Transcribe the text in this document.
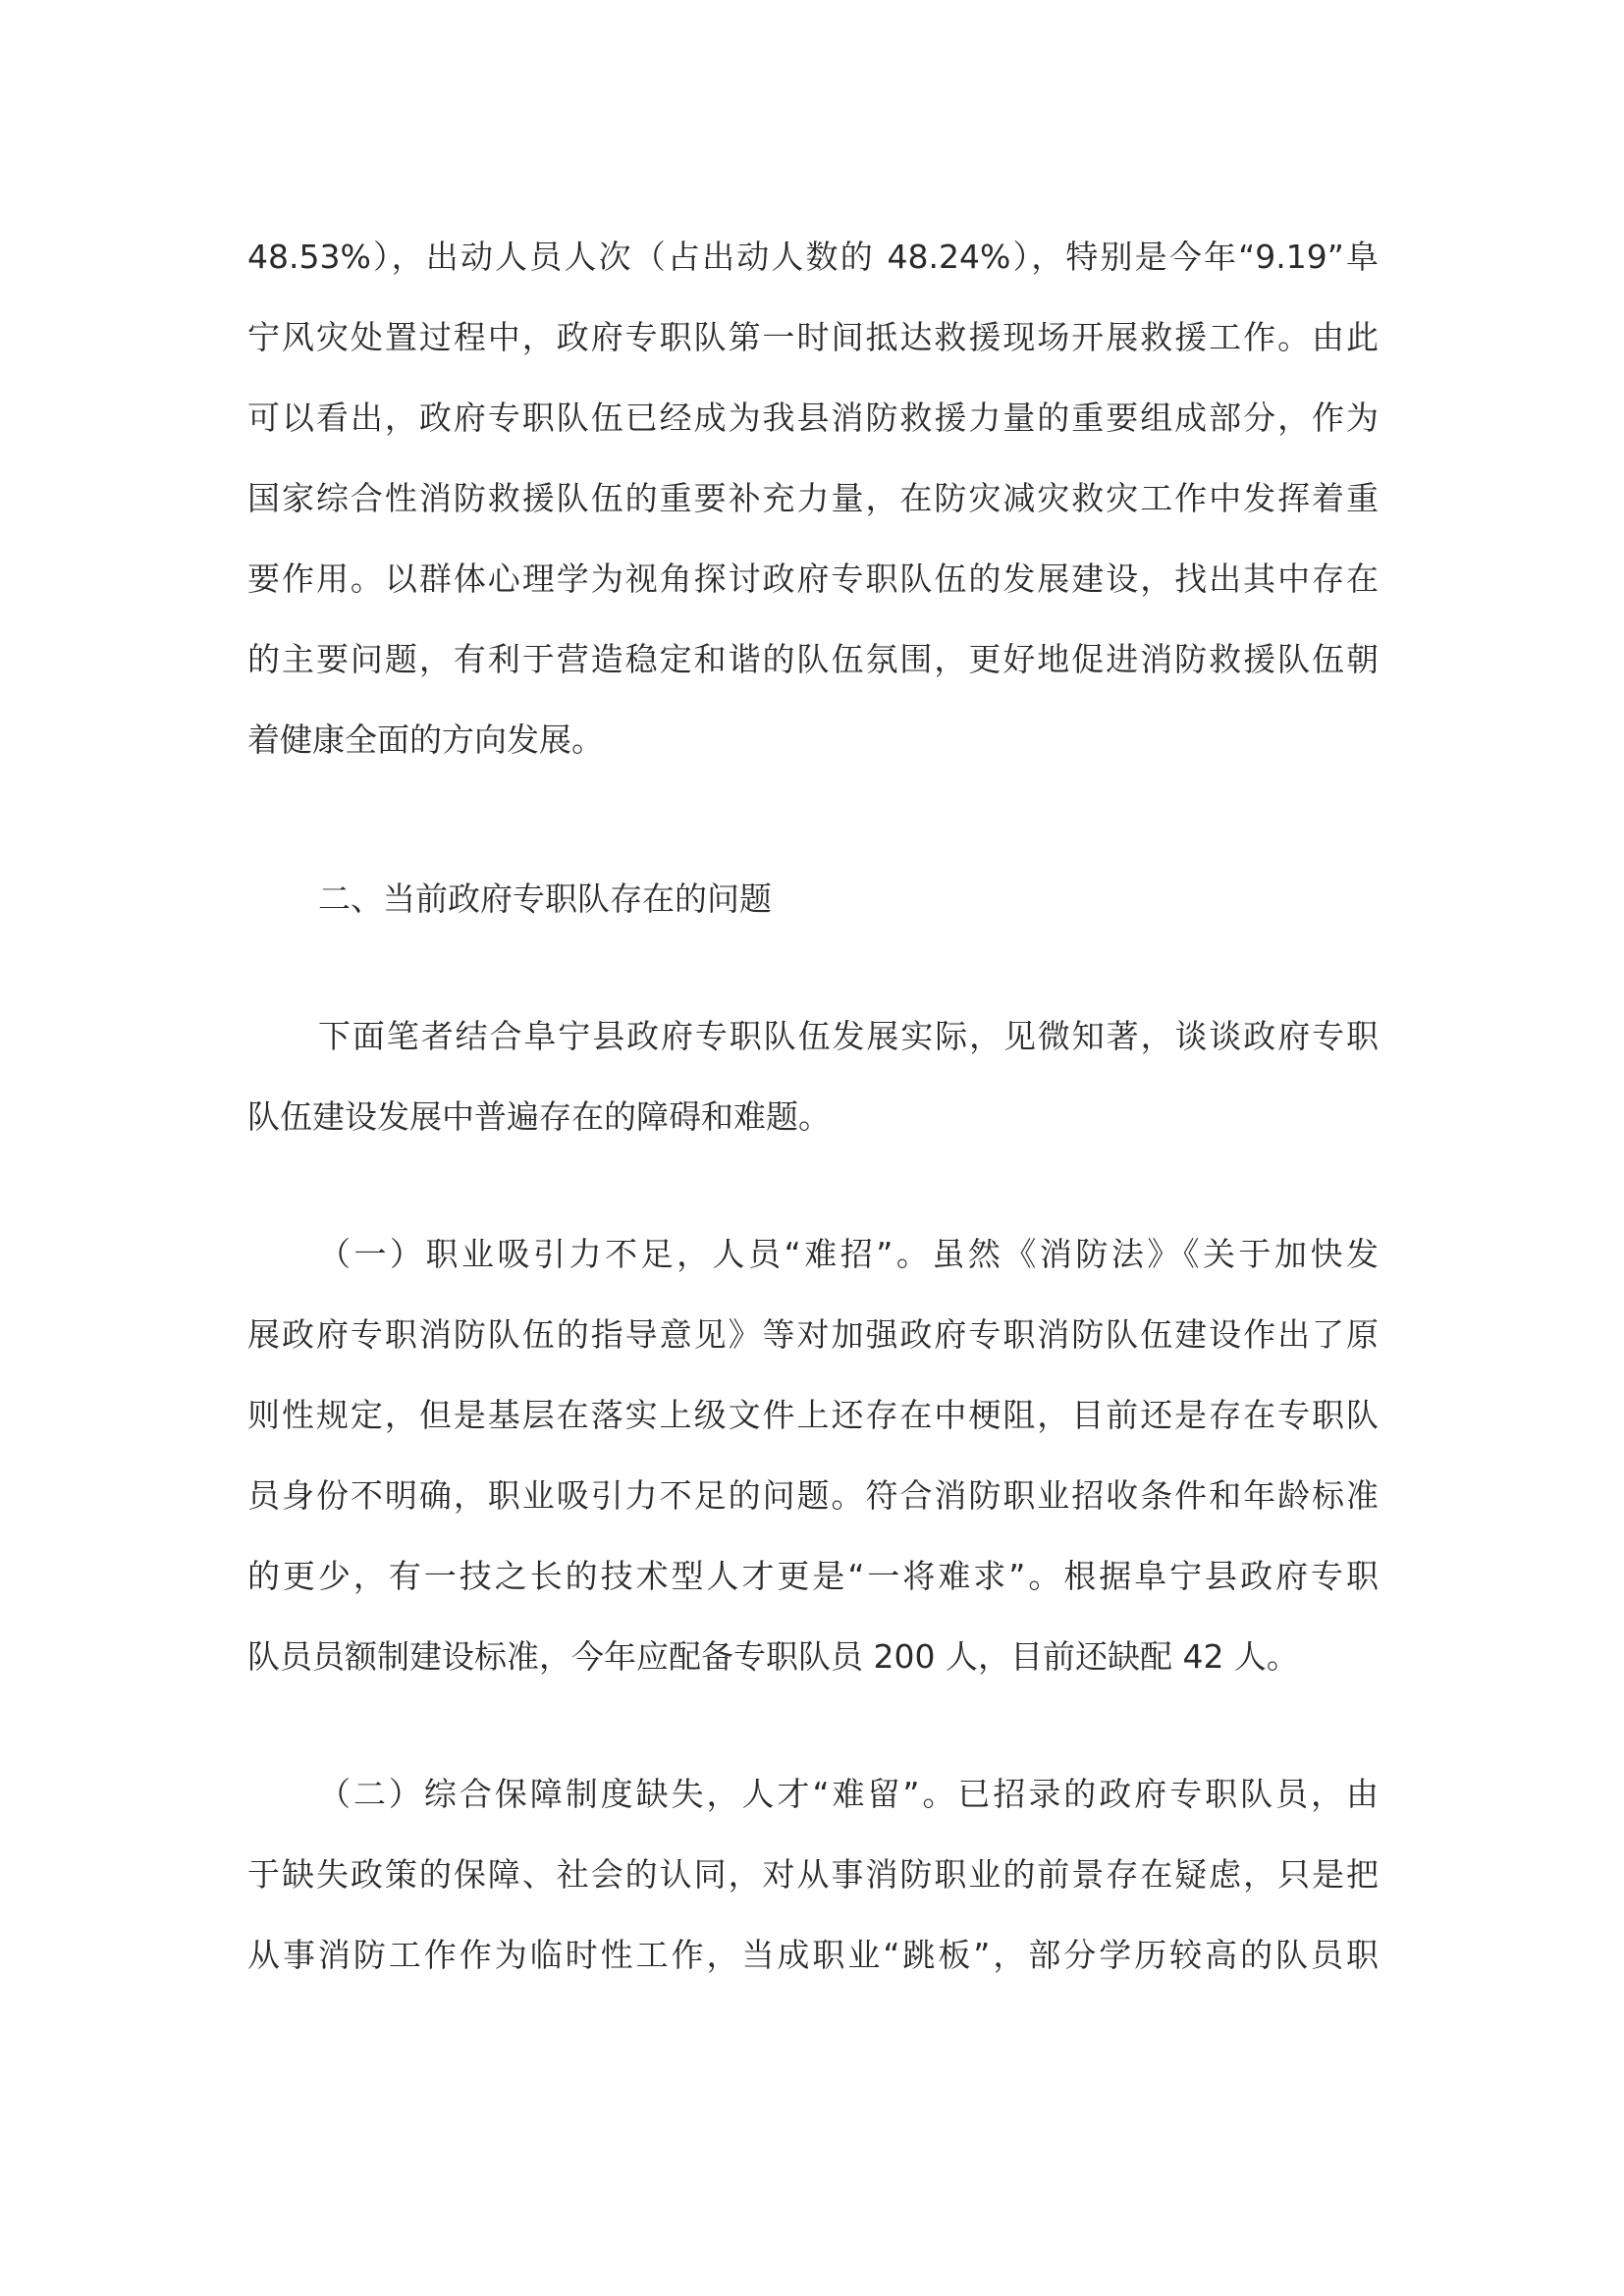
48.53%），出动人员人次（占出动人数的 48.24%），特别是今年“9.19”阜
宁风灾处置过程中，政府专职队第一时间抵达救援现场开展救援工作。由此
可以看出，政府专职队伍已经成为我县消防救援力量的重要组成部分，作为
国家综合性消防救援队伍的重要补充力量，在防灾减灾救灾工作中发挥着重
要作用。以群体心理学为视角探讨政府专职队伍的发展建设，找出其中存在
的主要问题，有利于营造稳定和谐的队伍氛围，更好地促进消防救援队伍朝
着健康全面的方向发展。
二、当前政府专职队存在的问题
下面笔者结合阜宁县政府专职队伍发展实际，见微知著，谈谈政府专职
队伍建设发展中普遍存在的障碍和难题。
（一）职业吸引力不足，人员“难招”。虽然《消防法》《关于加快发
展政府专职消防队伍的指导意见》等对加强政府专职消防队伍建设作出了原
则性规定，但是基层在落实上级文件上还存在中梗阻，目前还是存在专职队
员身份不明确，职业吸引力不足的问题。符合消防职业招收条件和年龄标准
的更少，有一技之长的技术型人才更是“一将难求”。根据阜宁县政府专职
队员员额制建设标准，今年应配备专职队员 200 人，目前还缺配 42 人。
（二）综合保障制度缺失，人才“难留”。已招录的政府专职队员，由
于缺失政策的保障、社会的认同，对从事消防职业的前景存在疑虑，只是把
从事消防工作作为临时性工作，当成职业“跳板”，部分学历较高的队员职
